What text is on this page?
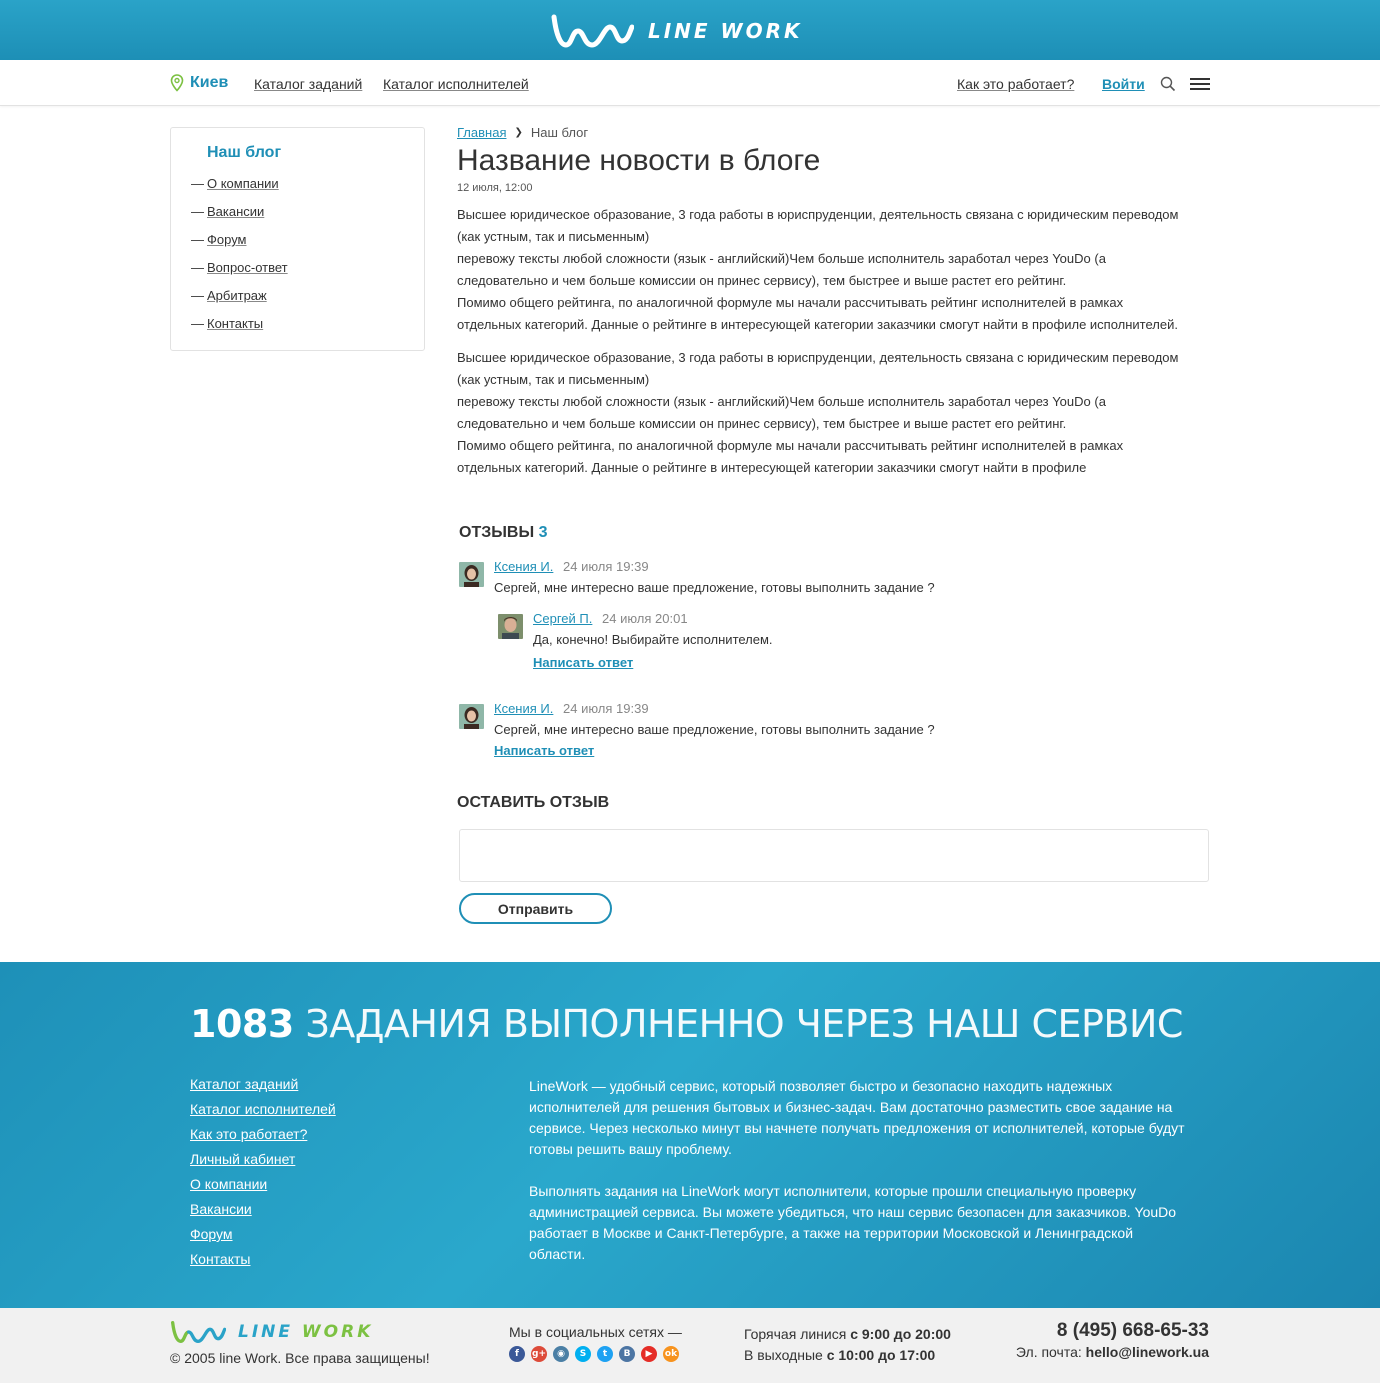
LINE WORK
Киев Каталог заданий Каталог исполнителей	Как это работает? Войти
Наш блог
— О компании
— Вакансии
— Форум
— Вопрос-ответ
— Арбитраж
— Контакты
Главная ❯ Наш блог
Название новости в блоге
12 июля, 12:00

Высшее юридическое образование, 3 года работы в юриспруденции, деятельность связана с юридическим переводом (как устным, так и письменным)
перевожу тексты любой сложности (язык - английский)Чем больше исполнитель заработал через YouDo (а следовательно и чем больше комиссии он принес сервису), тем быстрее и выше растет его рейтинг.
Помимо общего рейтинга, по аналогичной формуле мы начали рассчитывать рейтинг исполнителей в рамках отдельных категорий. Данные о рейтинге в интересующей категории заказчики смогут найти в профиле исполнителей.

Высшее юридическое образование, 3 года работы в юриспруденции, деятельность связана с юридическим переводом (как устным, так и письменным)
перевожу тексты любой сложности (язык - английский)Чем больше исполнитель заработал через YouDo (а следовательно и чем больше комиссии он принес сервису), тем быстрее и выше растет его рейтинг.
Помимо общего рейтинга, по аналогичной формуле мы начали рассчитывать рейтинг исполнителей в рамках отдельных категорий. Данные о рейтинге в интересующей категории заказчики смогут найти в профиле

ОТЗЫВЫ 3
Ксения И. 24 июля 19:39
Сергей, мне интересно ваше предложение, готовы выполнить задание ?
Сергей П. 24 июля 20:01
Да, конечно! Выбирайте исполнителем.
Написать ответ
Ксения И. 24 июля 19:39
Сергей, мне интересно ваше предложение, готовы выполнить задание ?
Написать ответ
ОСТАВИТЬ ОТЗЫВ
Отправить
1083 ЗАДАНИЯ ВЫПОЛНЕННО ЧЕРЕЗ НАШ СЕРВИС
Каталог заданий
Каталог исполнителей
Как это работает?
Личный кабинет
О компании
Вакансии
Форум
Контакты

LineWork — удобный сервис, который позволяет быстро и безопасно находить надежных исполнителей для решения бытовых и бизнес-задач. Вам достаточно разместить свое задание на сервисе. Через несколько минут вы начнете получать предложения от исполнителей, которые будут готовы решить вашу проблему.

Выполнять задания на LineWork могут исполнители, которые прошли специальную проверку администрацией сервиса. Вы можете убедиться, что наш сервис безопасен для заказчиков. YouDo работает в Москве и Санкт-Петербурге, а также на территории Московской и Ленинградской области.

LINE WORK
© 2005 line Work. Все права защищены!
Мы в социальных сетях —
f	g+	◉	S	t	B	▶	ok
Горячая линися с 9:00 до 20:00
В выходные с 10:00 до 17:00
8 (495) 668-65-33
Эл. почта: hello@linework.ua
